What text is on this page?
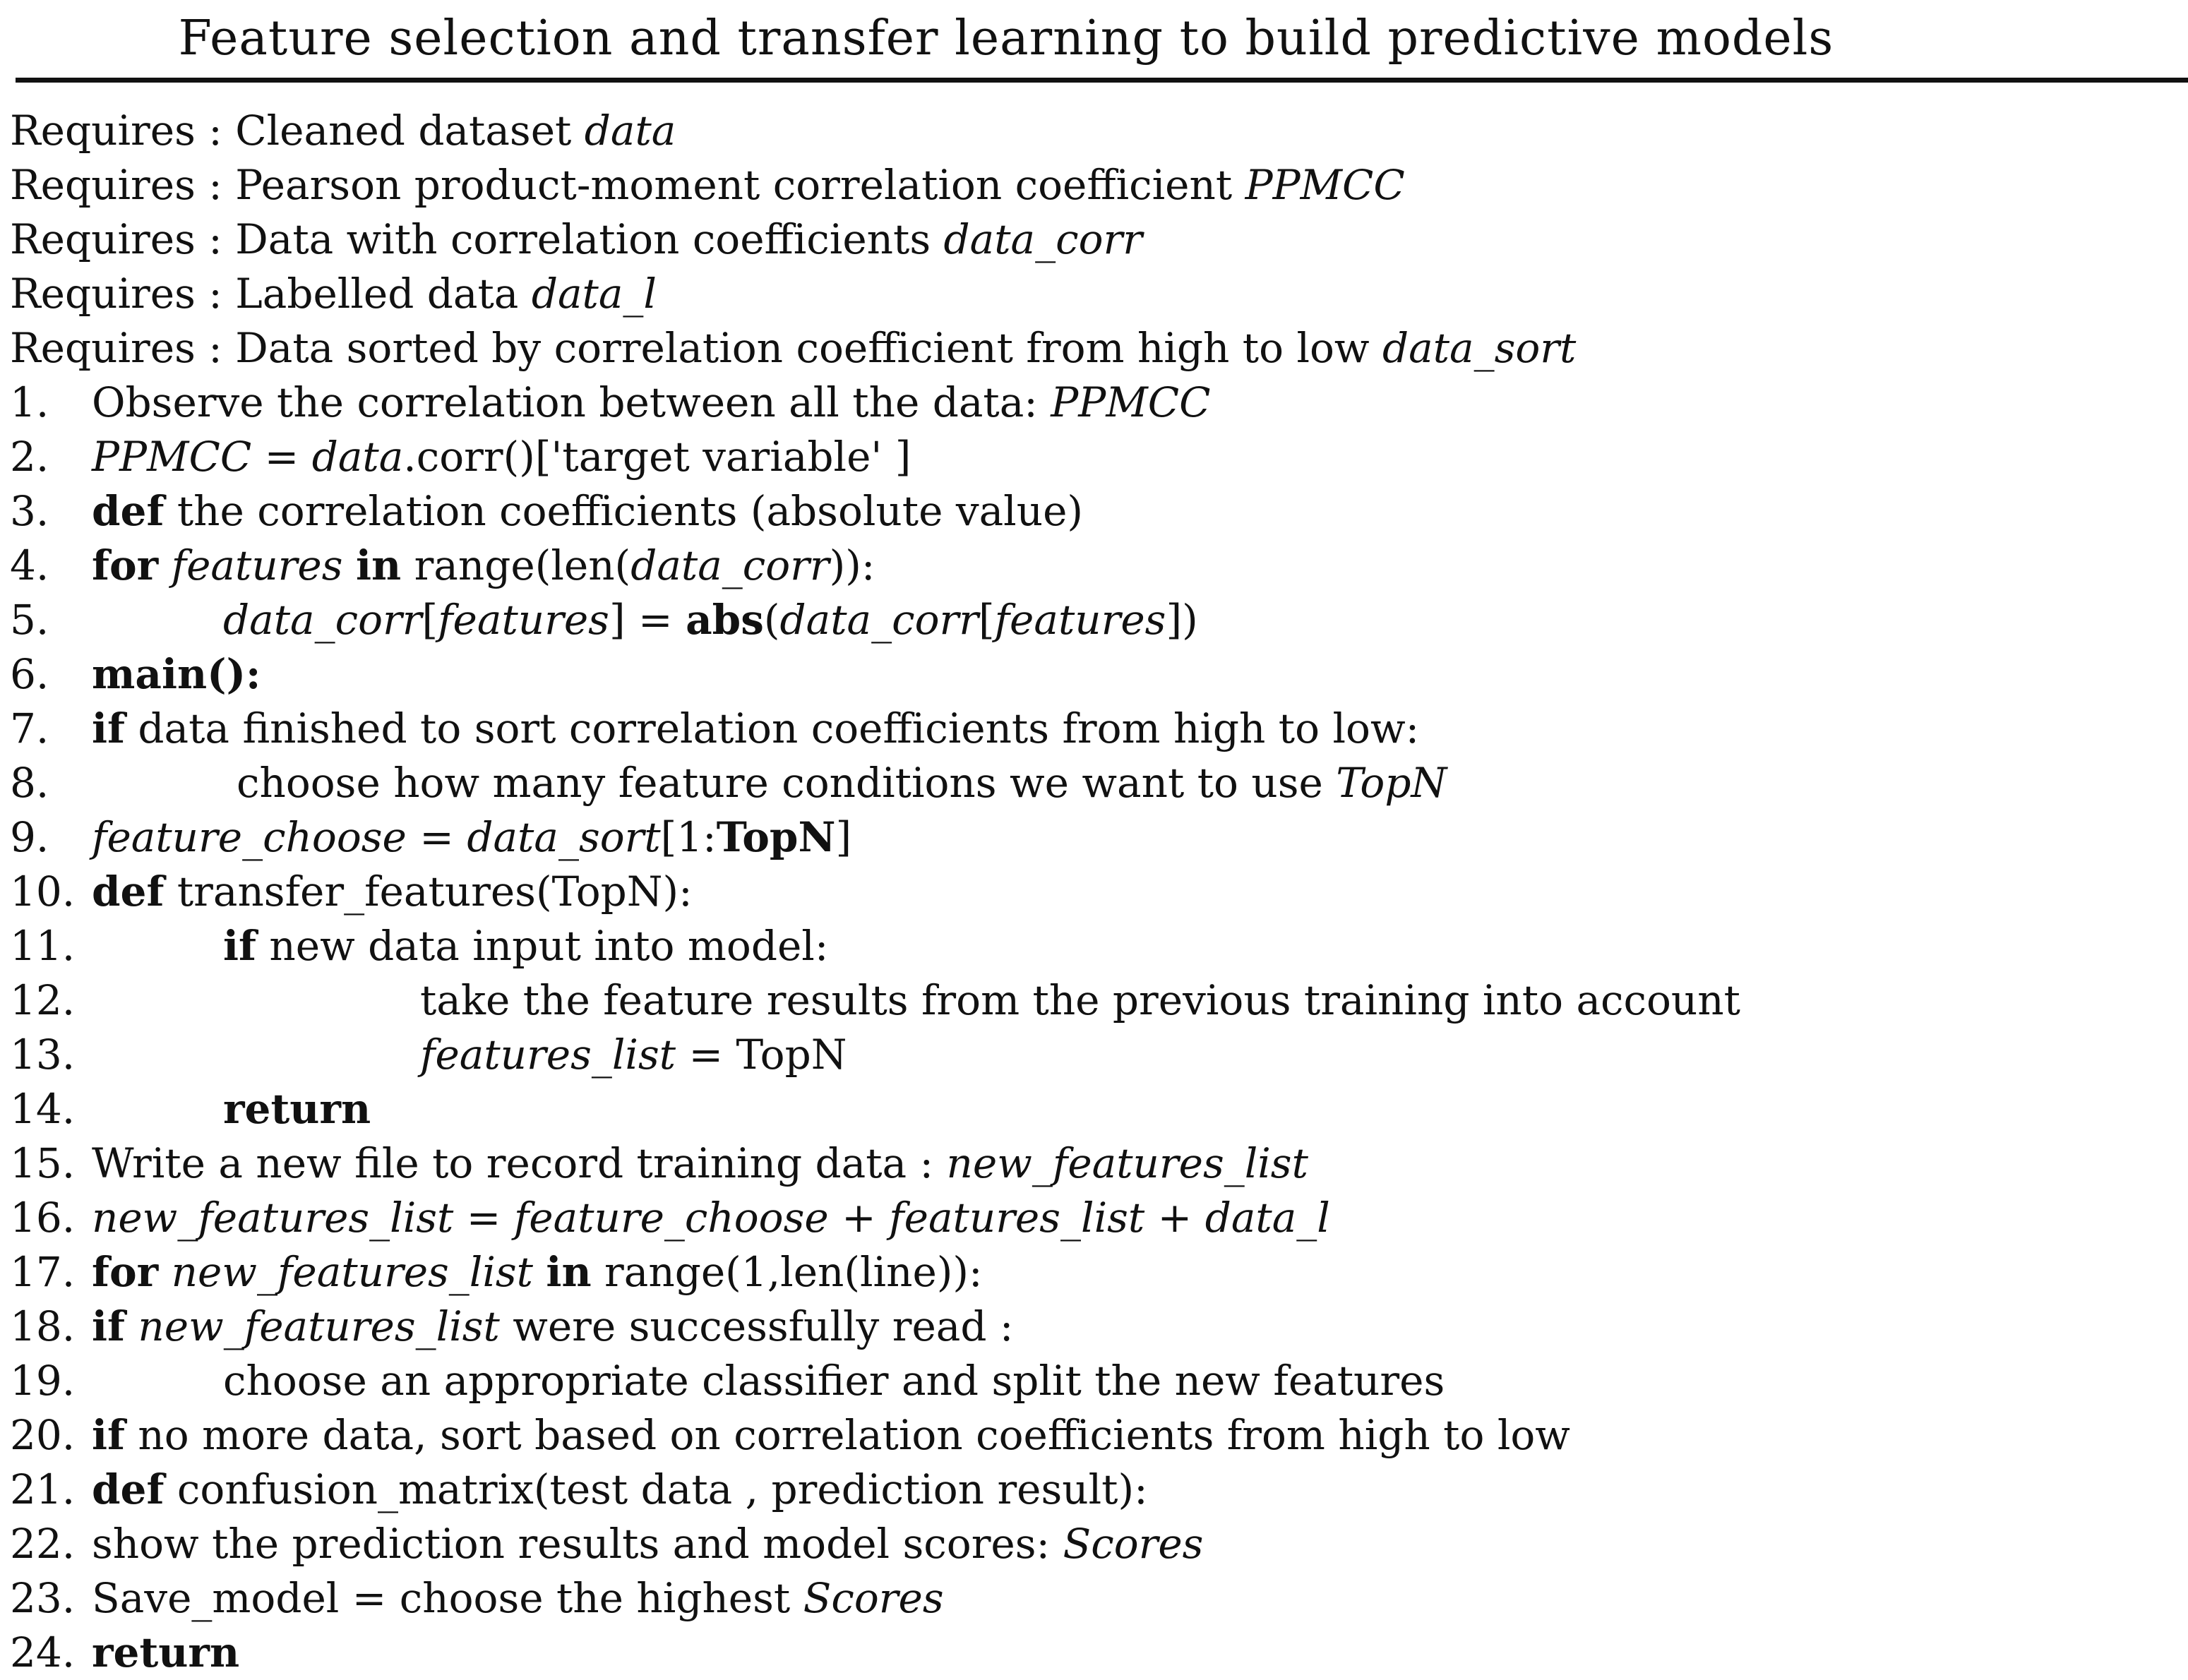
Feature selection and transfer learning to build predictive models
Requires : Cleaned dataset data
Requires : Pearson product-moment correlation coefficient PPMCC
Requires : Data with correlation coefficients data_corr
Requires : Labelled data data_l
Requires : Data sorted by correlation coefficient from high to low data_sort
1. Observe the correlation between all the data: PPMCC
2. PPMCC = data.corr()['target variable' ]
3. def the correlation coefficients (absolute value)
4. for features in range(len(data_corr)):
5.	data_corr[features] = abs(data_corr[features])
6. main():
7. if data finished to sort correlation coefficients from high to low:
8.	choose how many feature conditions we want to use TopN
9. feature_choose = data_sort[1:TopN]
10. def transfer_features(TopN):
11.	if new data input into model:
12.	take the feature results from the previous training into account
13.	features_list = TopN
14.	return
15. Write a new file to record training data : new_features_list
16. new_features_list = feature_choose + features_list + data_l
17. for new_features_list in range(1,len(line)):
18. if new_features_list were successfully read :
19.	choose an appropriate classifier and split the new features
20. if no more data, sort based on correlation coefficients from high to low
21. def confusion_matrix(test data , prediction result):
22. show the prediction results and model scores: Scores
23. Save_model = choose the highest Scores
24. return
